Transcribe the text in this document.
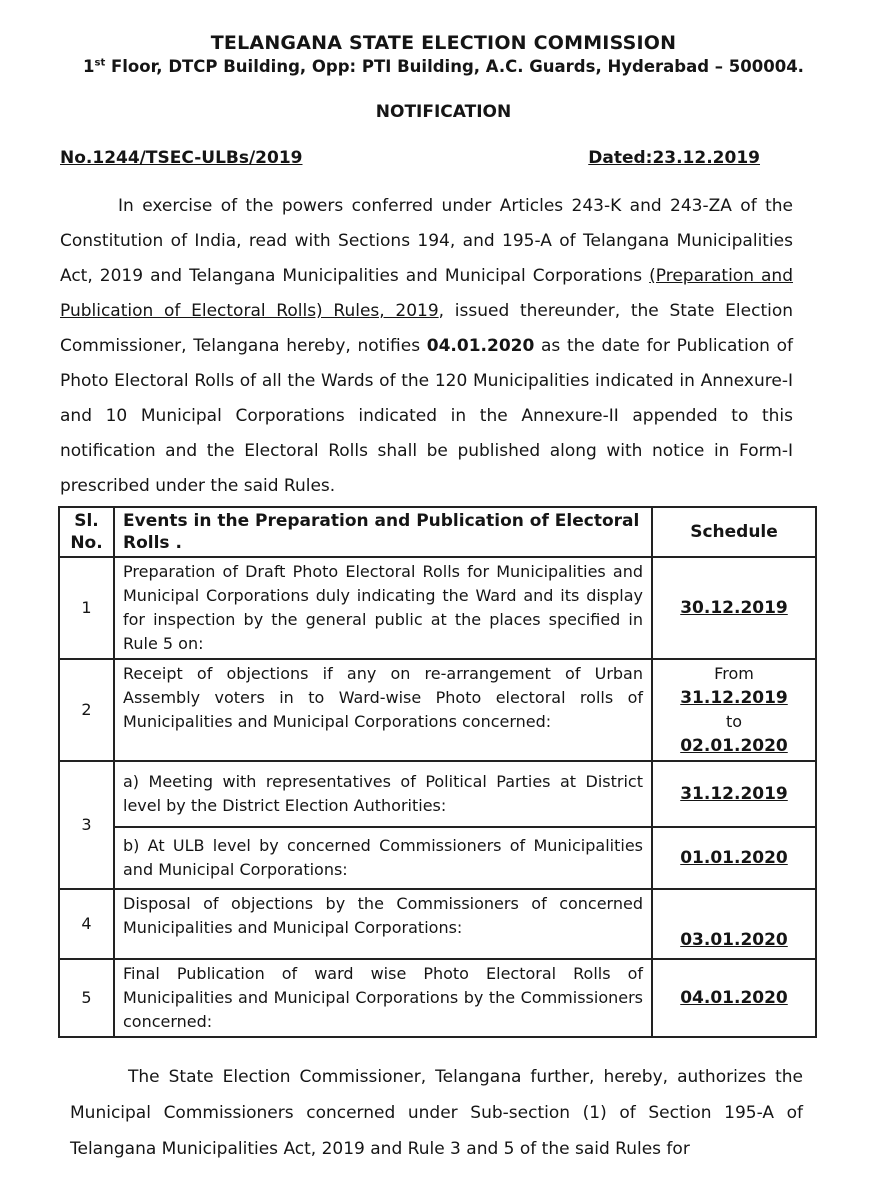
TELANGANA STATE ELECTION COMMISSION
1st Floor, DTCP Building, Opp: PTI Building, A.C. Guards, Hyderabad – 500004.
NOTIFICATION
No.1244/TSEC-ULBs/2019	Dated:23.12.2019
In exercise of the powers conferred under Articles 243-K and 243-ZA of the Constitution of India, read with Sections 194, and 195-A of Telangana Municipalities Act, 2019 and Telangana Municipalities and Municipal Corporations (Preparation and Publication of Electoral Rolls) Rules, 2019, issued thereunder, the State Election Commissioner, Telangana hereby, notifies 04.01.2020 as the date for Publication of Photo Electoral Rolls of all the Wards of the 120 Municipalities indicated in Annexure-I and 10 Municipal Corporations indicated in the Annexure-II appended to this notification and the Electoral Rolls shall be published along with notice in Form-I prescribed under the said Rules.
Sl. No.	Events in the Preparation and Publication of Electoral Rolls .	Schedule
1	Preparation of Draft Photo Electoral Rolls for Municipalities and Municipal Corporations duly indicating the Ward and its display for inspection by the general public at the places specified in Rule 5 on:	30.12.2019
2	Receipt of objections if any on re-arrangement of Urban Assembly voters in to Ward-wise Photo electoral rolls of Municipalities and Municipal Corporations concerned:	From
31.12.2019
to
02.01.2020

3	a) Meeting with representatives of Political Parties at District level by the District Election Authorities:	31.12.2019
	b) At ULB level by concerned Commissioners of Municipalities and Municipal Corporations:	01.01.2020
4	Disposal of objections by the Commissioners of concerned Municipalities and Municipal Corporations:	03.01.2020
5	Final Publication of ward wise Photo Electoral Rolls of Municipalities and Municipal Corporations by the Commissioners concerned:	04.01.2020
The State Election Commissioner, Telangana further, hereby, authorizes the Municipal Commissioners concerned under Sub-section (1) of Section 195-A of Telangana Municipalities Act, 2019 and Rule 3 and 5 of the said Rules for
